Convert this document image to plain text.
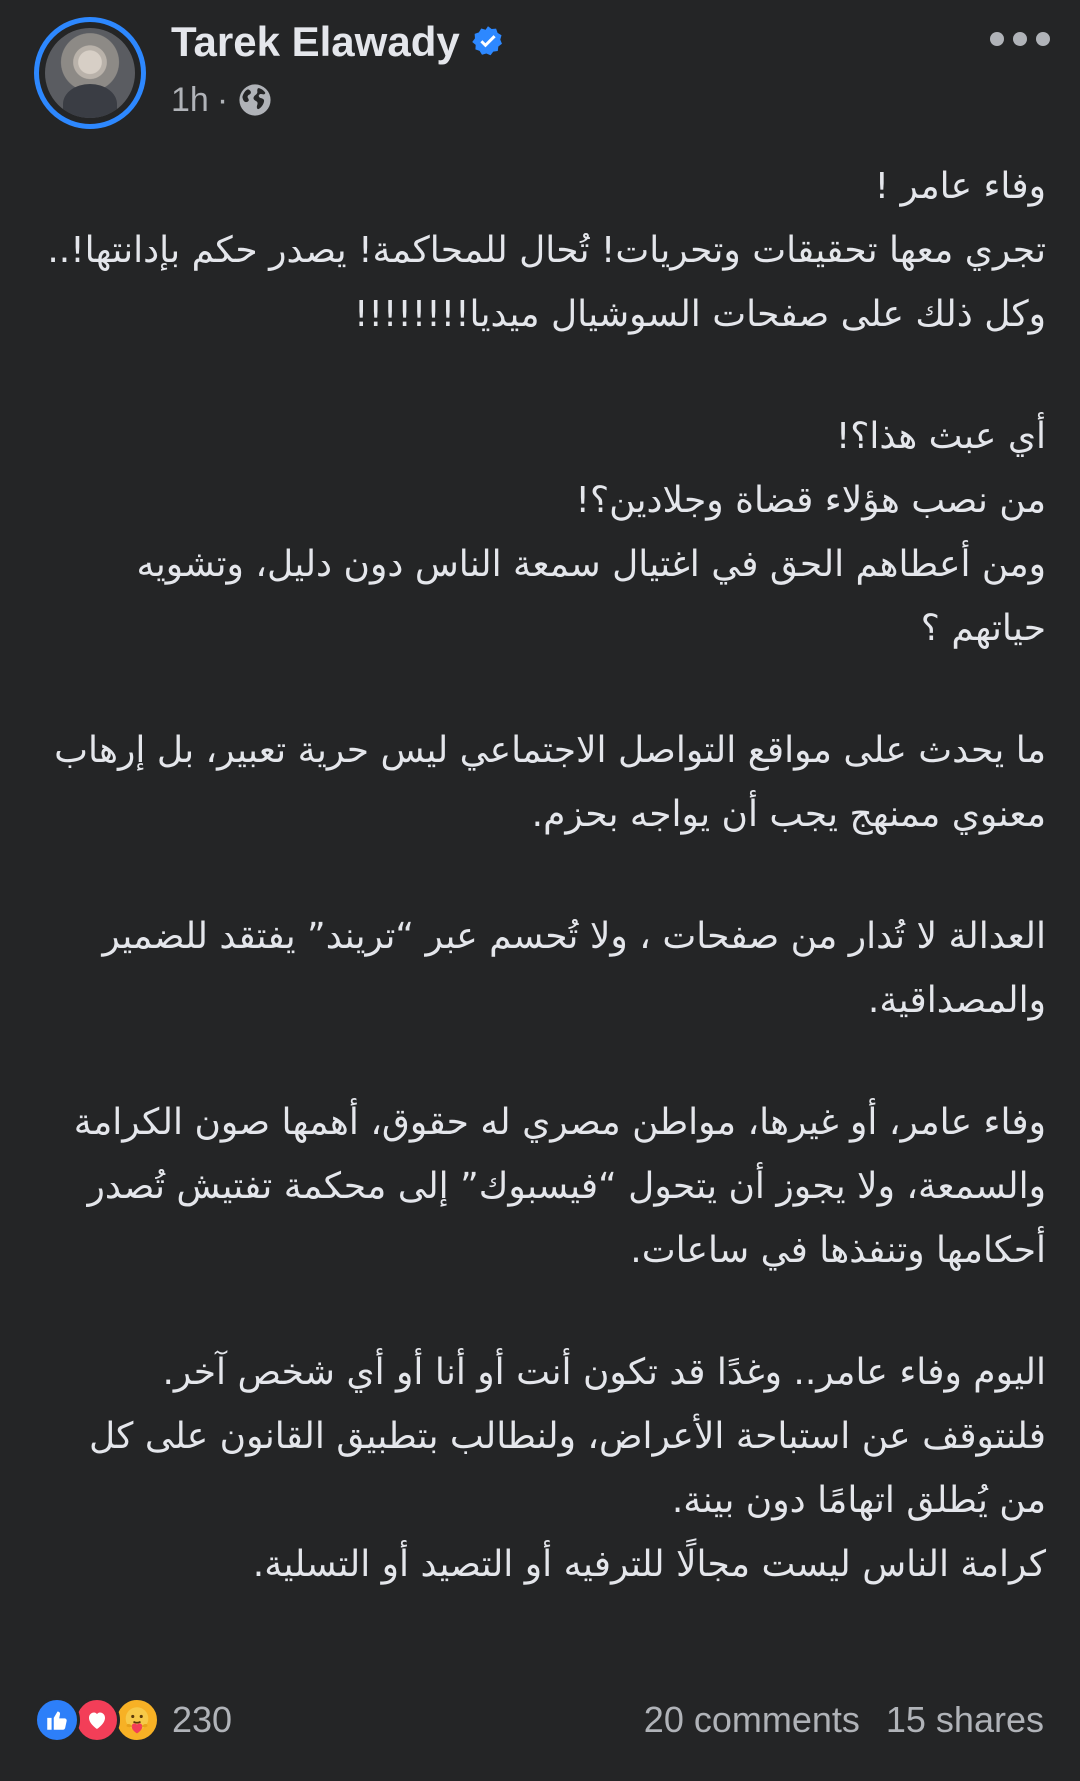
Tarek Elawady
1h ·

وفاء عامر !

تجري معها تحقيقات وتحريات! تُحال للمحاكمة! يصدر حكم بإدانتها!..

وكل ذلك على صفحات السوشيال ميديا!!!!!!!!

أي عبث هذا؟!

من نصب هؤلاء قضاة وجلادين؟!

ومن أعطاهم الحق في اغتيال سمعة الناس دون دليل، وتشويه حياتهم ؟

ما يحدث على مواقع التواصل الاجتماعي ليس حرية تعبير، بل إرهاب معنوي ممنهج يجب أن يواجه بحزم.

العدالة لا تُدار من صفحات ، ولا تُحسم عبر “تريند” يفتقد للضمير والمصداقية.

وفاء عامر، أو غيرها، مواطن مصري له حقوق، أهمها صون الكرامة والسمعة، ولا يجوز أن يتحول “فيسبوك” إلى محكمة تفتيش تُصدر أحكامها وتنفذها في ساعات.

اليوم وفاء عامر.. وغدًا قد تكون أنت أو أنا أو أي شخص آخر.

فلنتوقف عن استباحة الأعراض، ولنطالب بتطبيق القانون على كل من يُطلق اتهامًا دون بينة.

كرامة الناس ليست مجالًا للترفيه أو التصيد أو التسلية.

230	20 comments 15 shares
